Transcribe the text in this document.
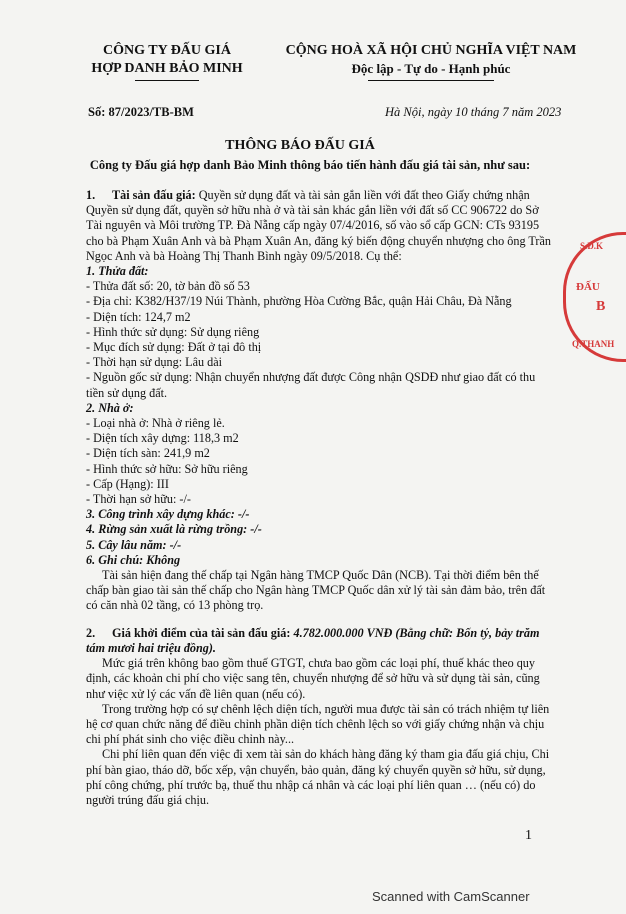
CÔNG TY ĐẤU GIÁ
HỢP DANH BẢO MINH
CỘNG HOÀ XÃ HỘI CHỦ NGHĨA VIỆT NAM
Độc lập - Tự do - Hạnh phúc
Số: 87/2023/TB-BM	Hà Nội, ngày 10 tháng 7 năm 2023
THÔNG BÁO ĐẤU GIÁ
Công ty Đấu giá hợp danh Bảo Minh thông báo tiến hành đấu giá tài sản, như sau:

1. Tài sản đấu giá: Quyền sử dụng đất và tài sản gắn liền với đất theo Giấy chứng nhận Quyền sử dụng đất, quyền sở hữu nhà ở và tài sản khác gắn liền với đất số CC 906722 do Sở Tài nguyên và Môi trường TP. Đà Nẵng cấp ngày 07/4/2016, số vào sổ cấp GCN: CTs 93195 cho bà Phạm Xuân Anh và bà Phạm Xuân An, đăng ký biến động chuyển nhượng cho ông Trần Ngọc Anh và bà Hoàng Thị Thanh Bình ngày 09/5/2018. Cụ thể:

1. Thửa đất:

- Thửa đất số: 20, tờ bản đồ số 53

- Địa chỉ: K382/H37/19 Núi Thành, phường Hòa Cường Bắc, quận Hải Châu, Đà Nẵng

- Diện tích: 124,7 m2

- Hình thức sử dụng: Sử dụng riêng

- Mục đích sử dụng: Đất ở tại đô thị

- Thời hạn sử dụng: Lâu dài

- Nguồn gốc sử dụng: Nhận chuyển nhượng đất được Công nhận QSDĐ như giao đất có thu tiền sử dụng đất.

2. Nhà ở:

- Loại nhà ở: Nhà ở riêng lẻ.

- Diện tích xây dựng: 118,3 m2

- Diện tích sàn: 241,9 m2

- Hình thức sở hữu: Sở hữu riêng

- Cấp (Hạng): III

- Thời hạn sở hữu: -/-

3. Công trình xây dựng khác: -/-

4. Rừng sản xuất là rừng trồng: -/-

5. Cây lâu năm: -/-

6. Ghi chú: Không

Tài sản hiện đang thế chấp tại Ngân hàng TMCP Quốc Dân (NCB). Tại thời điểm bên thế chấp bàn giao tài sản thế chấp cho Ngân hàng TMCP Quốc dân xử lý tài sản đảm bảo, trên đất có căn nhà 02 tầng, có 13 phòng trọ.

2. Giá khởi điểm của tài sản đấu giá: 4.782.000.000 VNĐ (Bằng chữ: Bốn tỷ, bảy trăm tám mươi hai triệu đồng).

Mức giá trên không bao gồm thuế GTGT, chưa bao gồm các loại phí, thuế khác theo quy định, các khoản chi phí cho việc sang tên, chuyển nhượng để sở hữu và sử dụng tài sản, cũng như việc xử lý các vấn đề liên quan (nếu có).

Trong trường hợp có sự chênh lệch diện tích, người mua được tài sản có trách nhiệm tự liên hệ cơ quan chức năng để điều chỉnh phần diện tích chênh lệch so với giấy chứng nhận và chịu chi phí phát sinh cho việc điều chỉnh này...

Chi phí liên quan đến việc đi xem tài sản do khách hàng đăng ký tham gia đấu giá chịu, Chi phí bàn giao, tháo dỡ, bốc xếp, vận chuyển, bảo quản, đăng ký chuyển quyền sở hữu, sử dụng, phí công chứng, phí trước bạ, thuế thu nhập cá nhân và các loại phí liên quan … (nếu có) do người trúng đấu giá chịu.

S.Đ.K
ĐẤU
B
Q.THANH
1
Scanned with CamScanner
